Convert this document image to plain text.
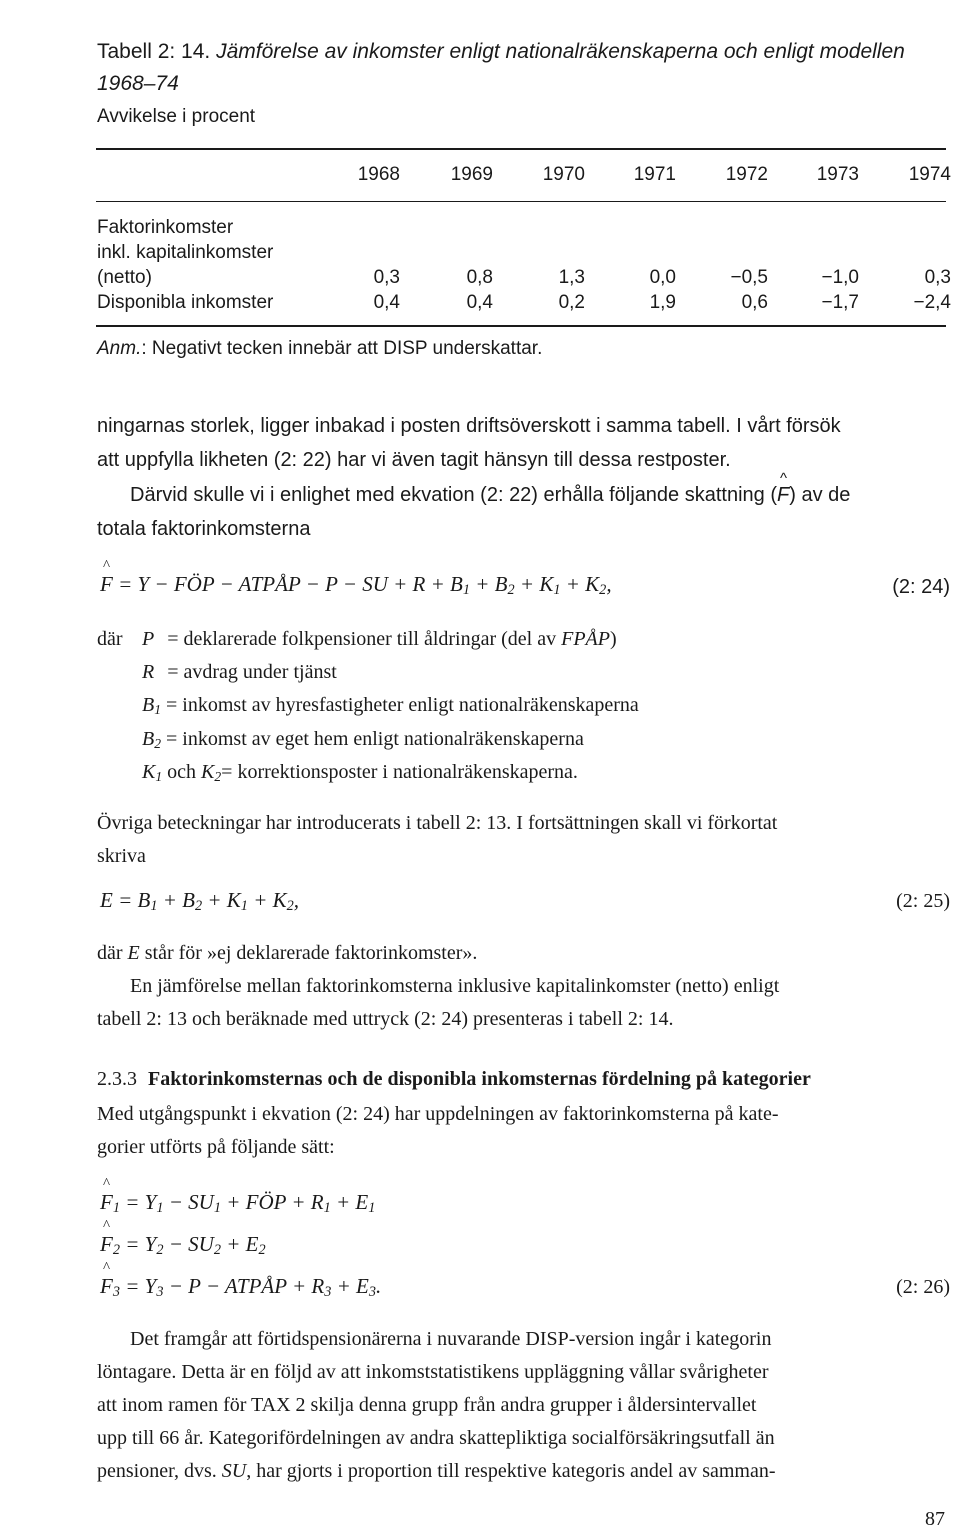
Tabell 2: 14. Jämförelse av inkomster enligt nationalräkenskaperna och enligt modellen
1968–74
Avvikelse i procent
1968	1969	1970	1971	1972	1973	1974
Faktorinkomster
inkl. kapitalinkomster
(netto)	0,3	0,8	1,3	0,0	−0,5	−1,0	0,3
Disponibla inkomster	0,4	0,4	0,2	1,9	0,6	−1,7	−2,4
Anm.: Negativt tecken innebär att DISP underskattar.
ningarnas storlek, ligger inbakad i posten driftsöverskott i samma tabell. I vårt försök
att uppfylla likheten (2: 22) har vi även tagit hänsyn till dessa restposter.
Därvid skulle vi i enlighet med ekvation (2: 22) erhålla följande skattning (^ F) av de
totala faktorinkomsterna
^ F = Y − FÖP − ATPÅP − P − SU + $R + B_1 + B_2 + K_1 + K_2$,	(2: 24)
där P = deklarerade folkpensioner till åldringar (del av FPÅP)
R = avdrag under tjänst
$B_1$ = inkomst av hyresfastigheter enligt nationalräkenskaperna
$B_2$ = inkomst av eget hem enligt nationalräkenskaperna
$K_1$ och $K_2=$ korrektionsposter i nationalräkenskaperna.
Övriga beteckningar har introducerats i tabell 2: 13. I fortsättningen skall vi förkortat
skriva
$E = B_1 + B_2 + K_1 + K_2$,	(2: 25)
där E står för »ej deklarerade faktorinkomster».
En jämförelse mellan faktorinkomsterna inklusive kapitalinkomster (netto) enligt
tabell 2: 13 och beräknade med uttryck (2: 24) presenteras i tabell 2: 14.
2.3.3 Faktorinkomsternas och de disponibla inkomsternas fördelning på kategorier
Med utgångspunkt i ekvation (2: 24) har uppdelningen av faktorinkomsterna på kate-
gorier utförts på följande sätt:
^ $F_1 = Y_1 - SU_1$ + FÖP + $R_1 + E_1$
^ $F_2 = Y_2 - SU_2 + E_2$
^ $F_3 = Y_3 - P$ − ATPÅP + $R_3 + E_3$.	(2: 26)
Det framgår att förtidspensionärerna i nuvarande DISP-version ingår i kategorin
löntagare. Detta är en följd av att inkomststatistikens uppläggning vållar svårigheter
att inom ramen för TAX 2 skilja denna grupp från andra grupper i åldersintervallet
upp till 66 år. Kategorifördelningen av andra skattepliktiga socialförsäkringsutfall än
pensioner, dvs. SU, har gjorts i proportion till respektive kategoris andel av samman-
87
